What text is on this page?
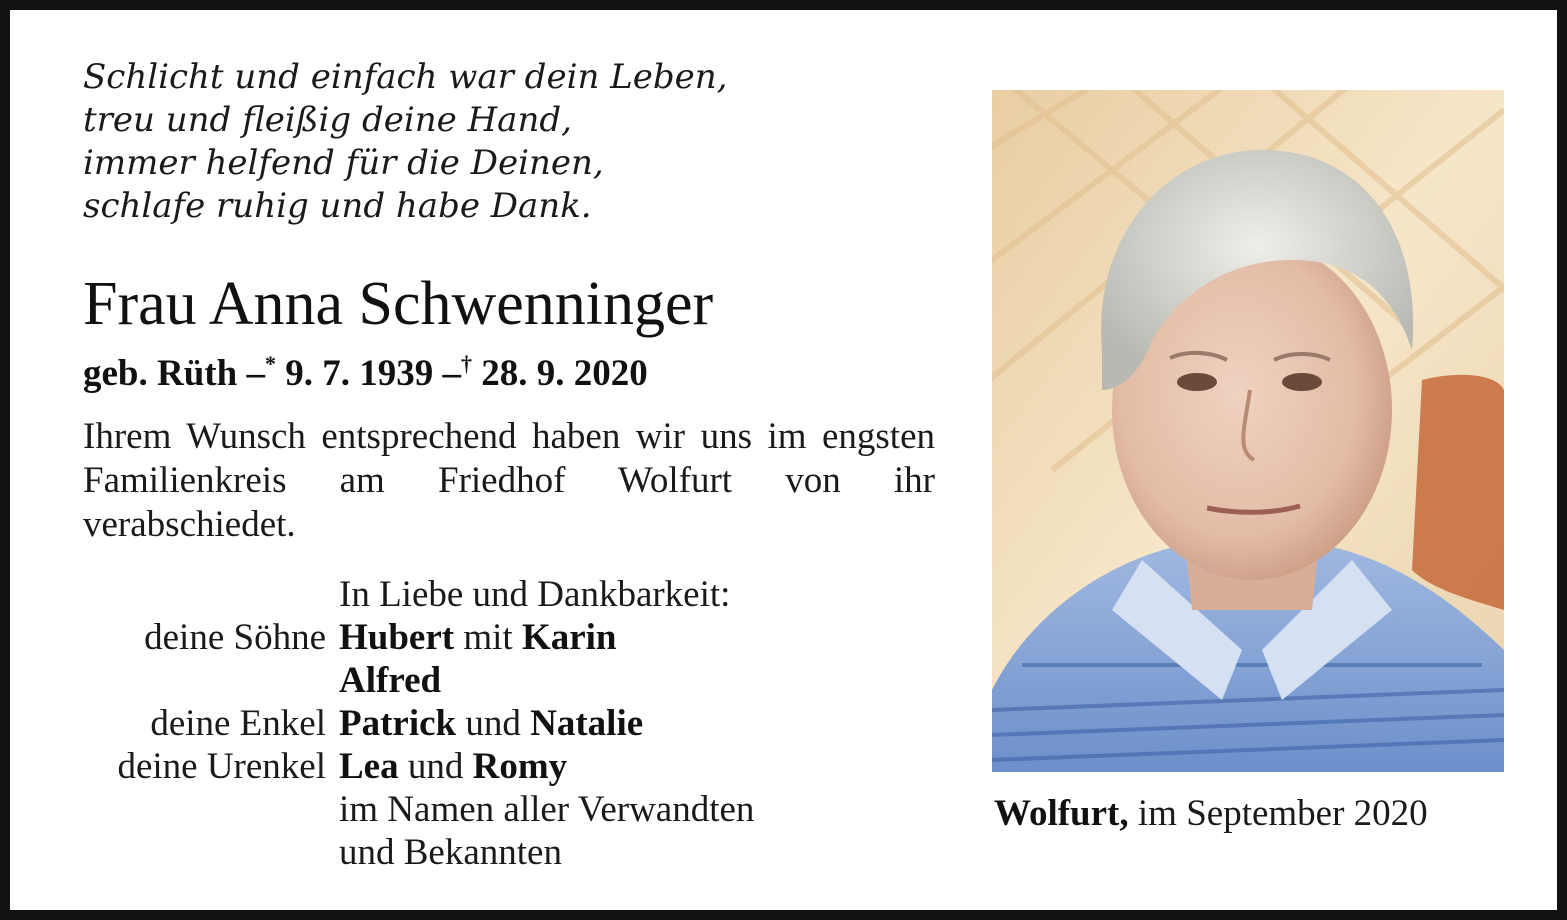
Schlicht und einfach war dein Leben,
treu und fleißig deine Hand,
immer helfend für die Deinen,
schlafe ruhig und habe Dank.
Frau Anna Schwenninger
geb. Rüth –* 9. 7. 1939 –† 28. 9. 2020
Ihrem Wunsch entsprechend haben wir uns im engsten Familienkreis am Friedhof Wolfurt von ihr verabschiedet.
In Liebe und Dankbarkeit:
deine Söhne Hubert mit Karin
Alfred
deine Enkel Patrick und Natalie
deine Urenkel Lea und Romy
im Namen aller Verwandten
und Bekannten
Wolfurt, im September 2020
